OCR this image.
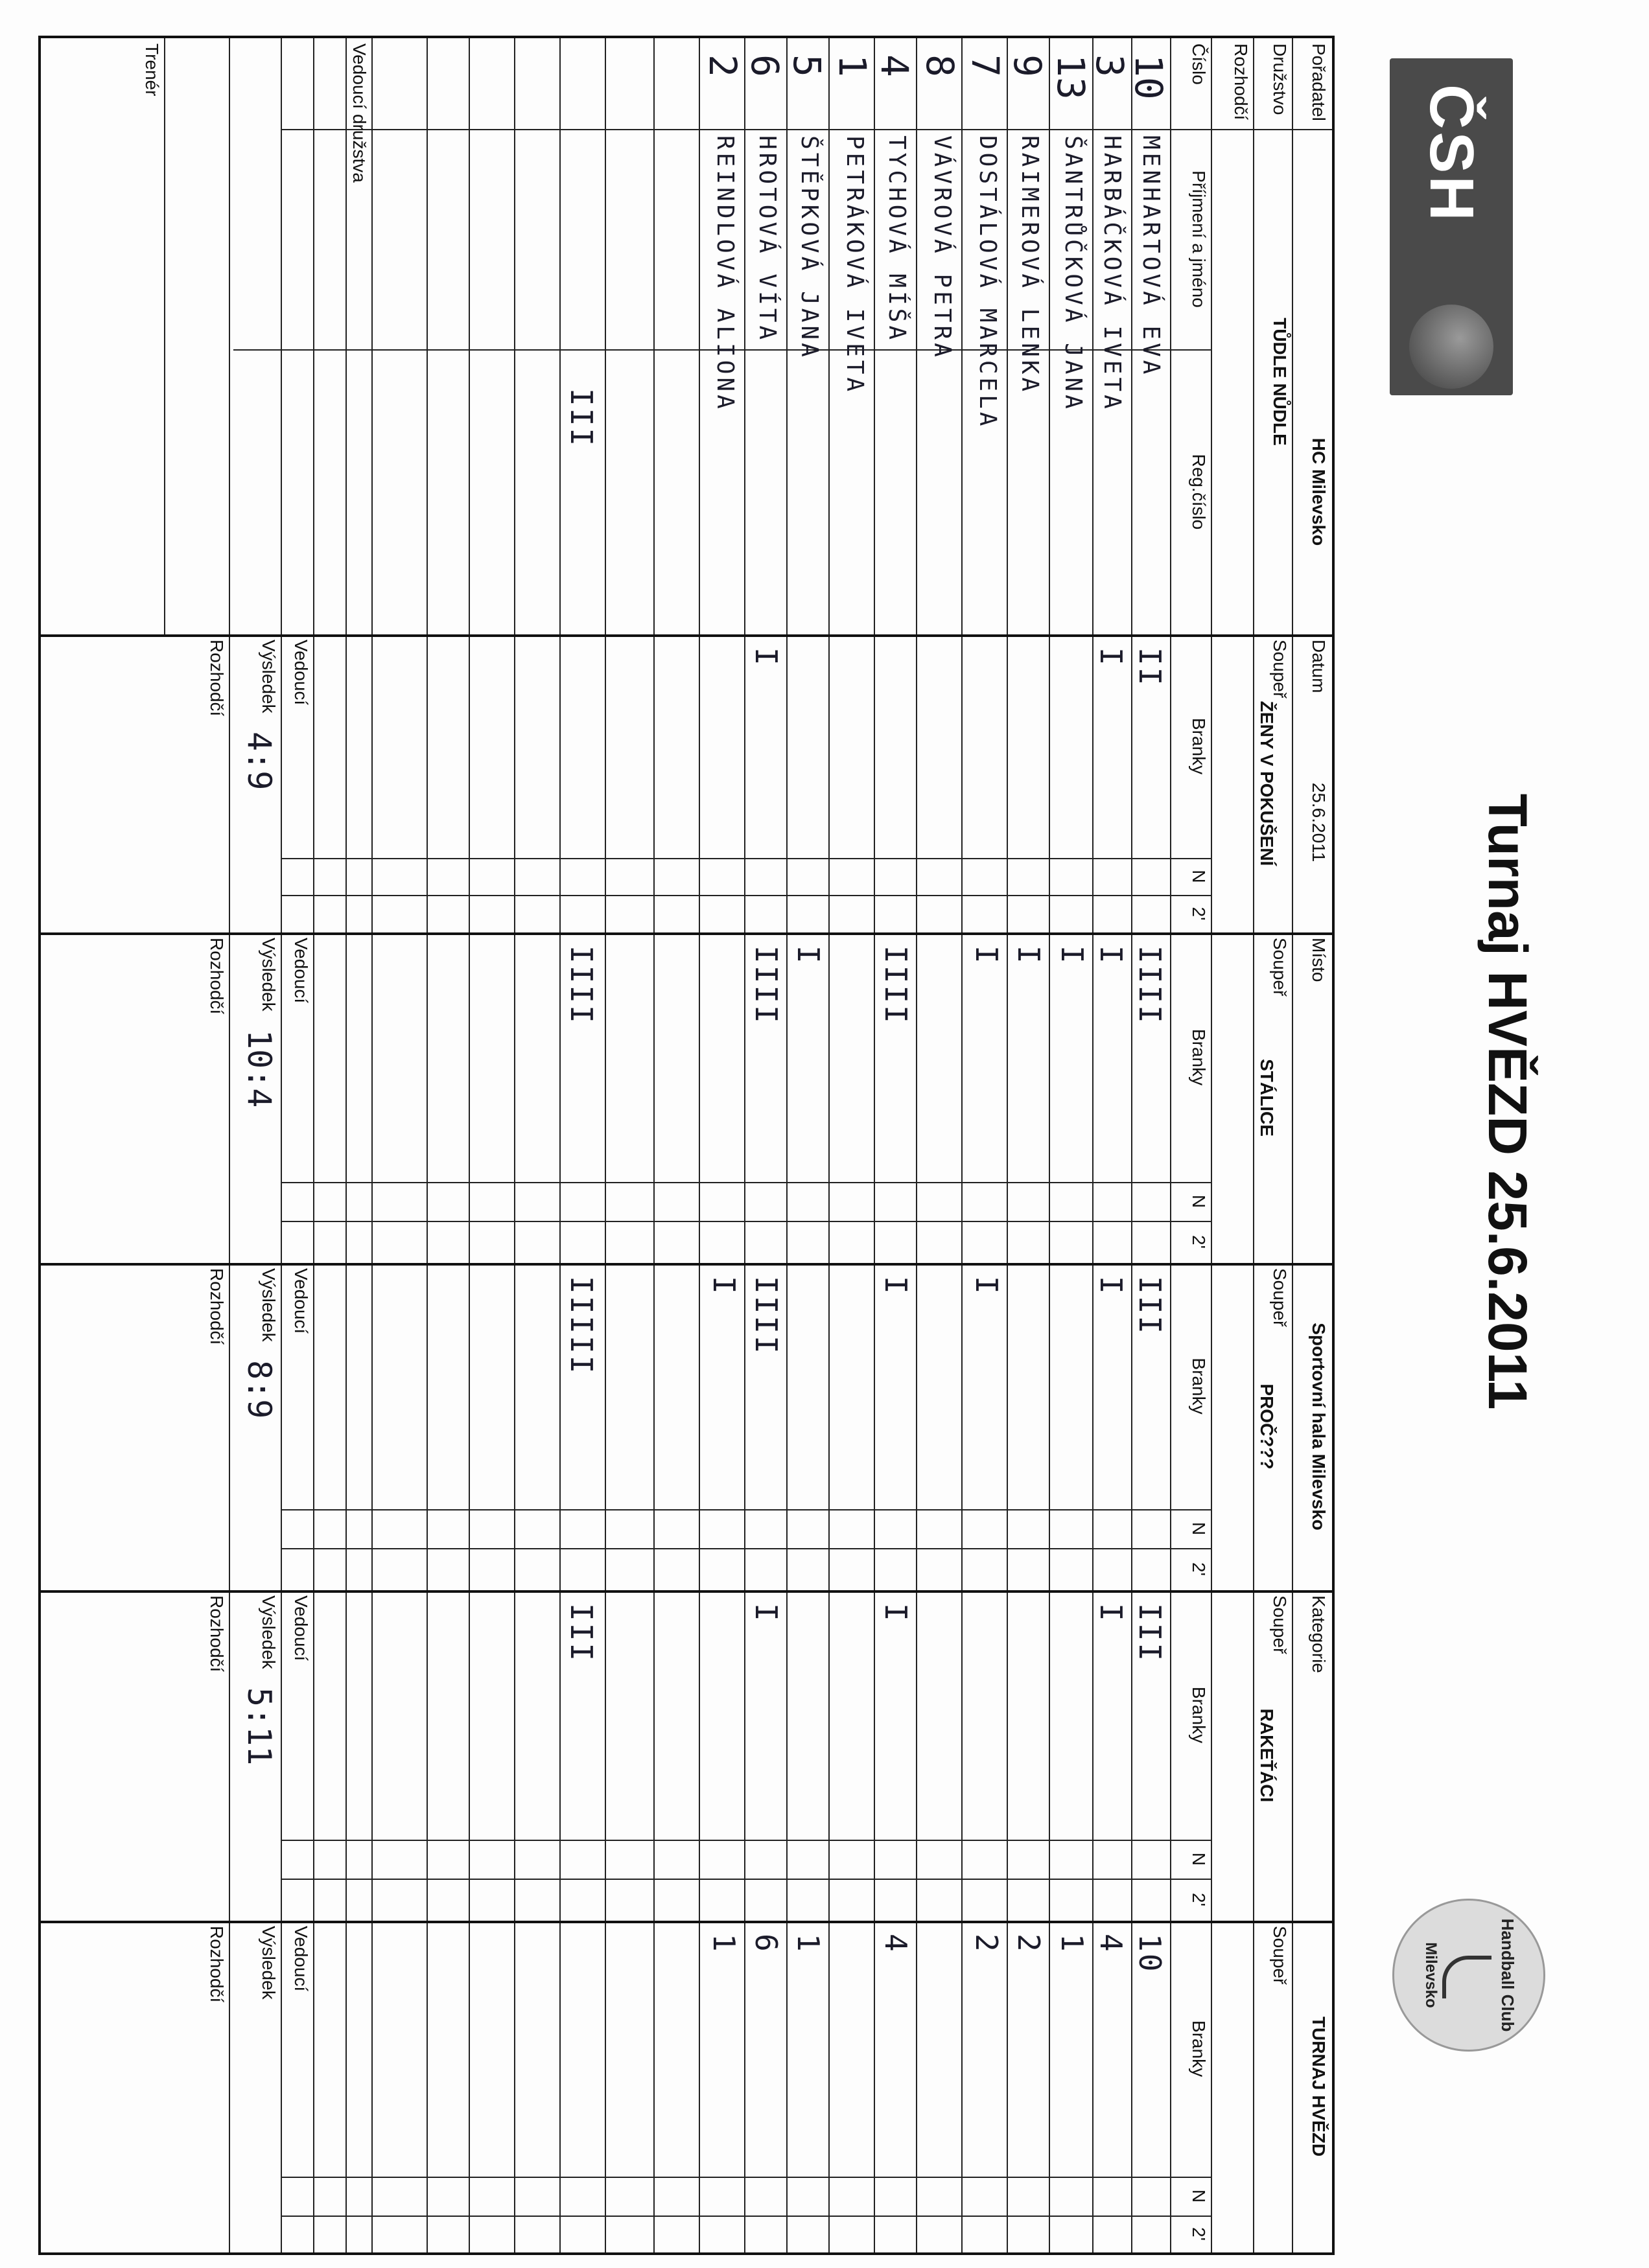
ČSH
Turnaj HVĚZD 25.6.2011
Handball Club
Milevsko
Pořadatel
HC Milevsko
Družstvo
TŮDLE NŮDLE
Rozhodčí
Datum
25.6.2011
Místo
Sportovní hala Milevsko
Kategorie
TURNAJ HVĚZD
Soupeř
ŽENY V POKUŠENÍ
Soupeř
STÁLICE
Soupeř
PROČ???
Soupeř
RAKEŤÁCI
Soupeř
Číslo
Příjmení a jméno
Reg.číslo
Branky
N
2'
Branky
N
2'
Branky
N
2'
Branky
N
2'
Branky
N
2'
10
MENHARTOVÁ EVA
II
IIII
III
III
10
3
HARBÁČKOVÁ IVETA
I
I
I
I
4
13
ŠANTRŮČKOVÁ JANA
I
1
9
RAIMEROVÁ LENKA
I
2
7
DOSTÁLOVÁ MARCELA
I
I
2
8
VÁVROVÁ PETRA
4
TYCHOVÁ MÍŠA
IIII
I
I
4
1
PETRÁKOVÁ IVETA
5
ŠTĚPKOVÁ JANA
I
1
6
HROTOVÁ VÍTA
I
IIII
IIII
I
6
2
REINDLOVÁ ALIONA
I
1
III
IIII
IIIII
III
Vedoucí družstva
Trenér
Vedoucí
Výsledek
4:9
Rozhodčí
Vedoucí
Výsledek
10:4
Rozhodčí
Vedoucí
Výsledek
8:9
Rozhodčí
Vedoucí
Výsledek
5:11
Rozhodčí
Vedoucí
Výsledek
Rozhodčí
